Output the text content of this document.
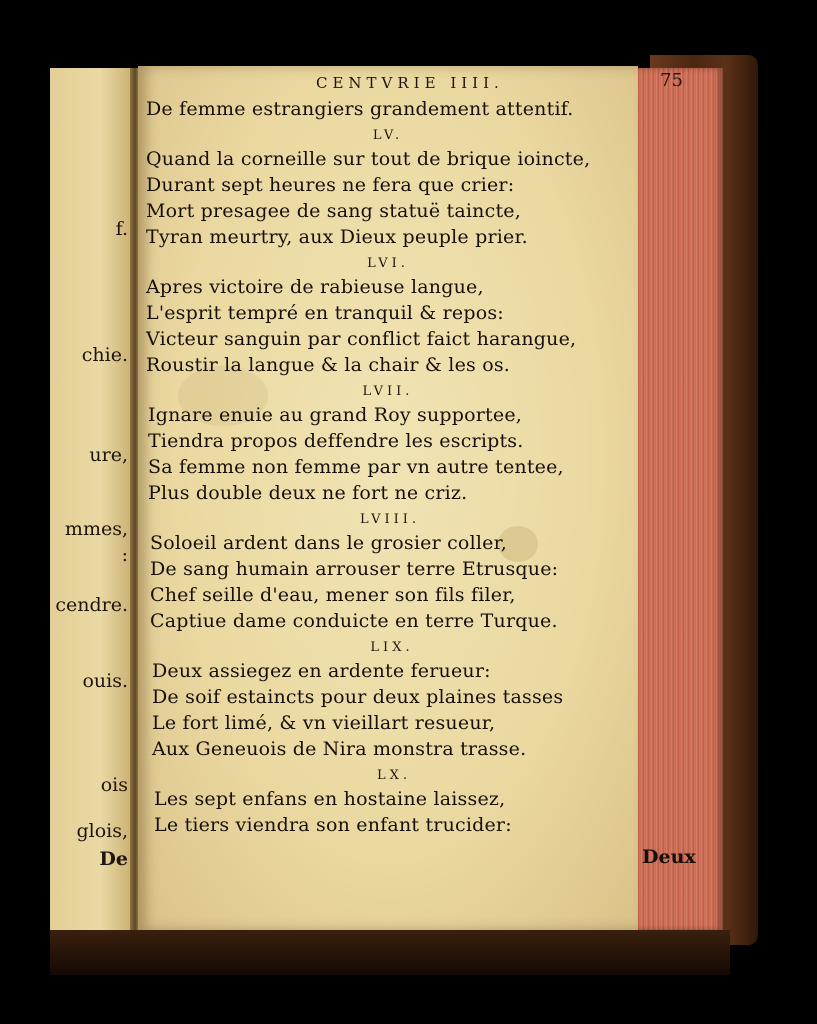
f.
chie.
ure,
mmes,
:
cendre.
ouis.
ois
glois,
De
CENTVRIE IIII.	75
De femme estrangiers grandement attentif.
LV.
Quand la corneille sur tout de brique ioincte,
Durant sept heures ne fera que crier:
Mort presagee de sang statuë taincte,
Tyran meurtry, aux Dieux peuple prier.
LVI.
Apres victoire de rabieuse langue,
L'esprit tempré en tranquil & repos:
Victeur sanguin par conflict faict harangue,
Roustir la langue & la chair & les os.
LVII.
Ignare enuie au grand Roy supportee,
Tiendra propos deffendre les escripts.
Sa femme non femme par vn autre tentee,
Plus double deux ne fort ne criz.
LVIII.
Soloeil ardent dans le grosier coller,
De sang humain arrouser terre Etrusque:
Chef seille d'eau, mener son fils filer,
Captiue dame conduicte en terre Turque.
LIX.
Deux assiegez en ardente ferueur:
De soif estaincts pour deux plaines tasses
Le fort limé, & vn vieillart resueur,
Aux Geneuois de Nira monstra trasse.
LX.
Les sept enfans en hostaine laissez,
Le tiers viendra son enfant trucider:
Deux
